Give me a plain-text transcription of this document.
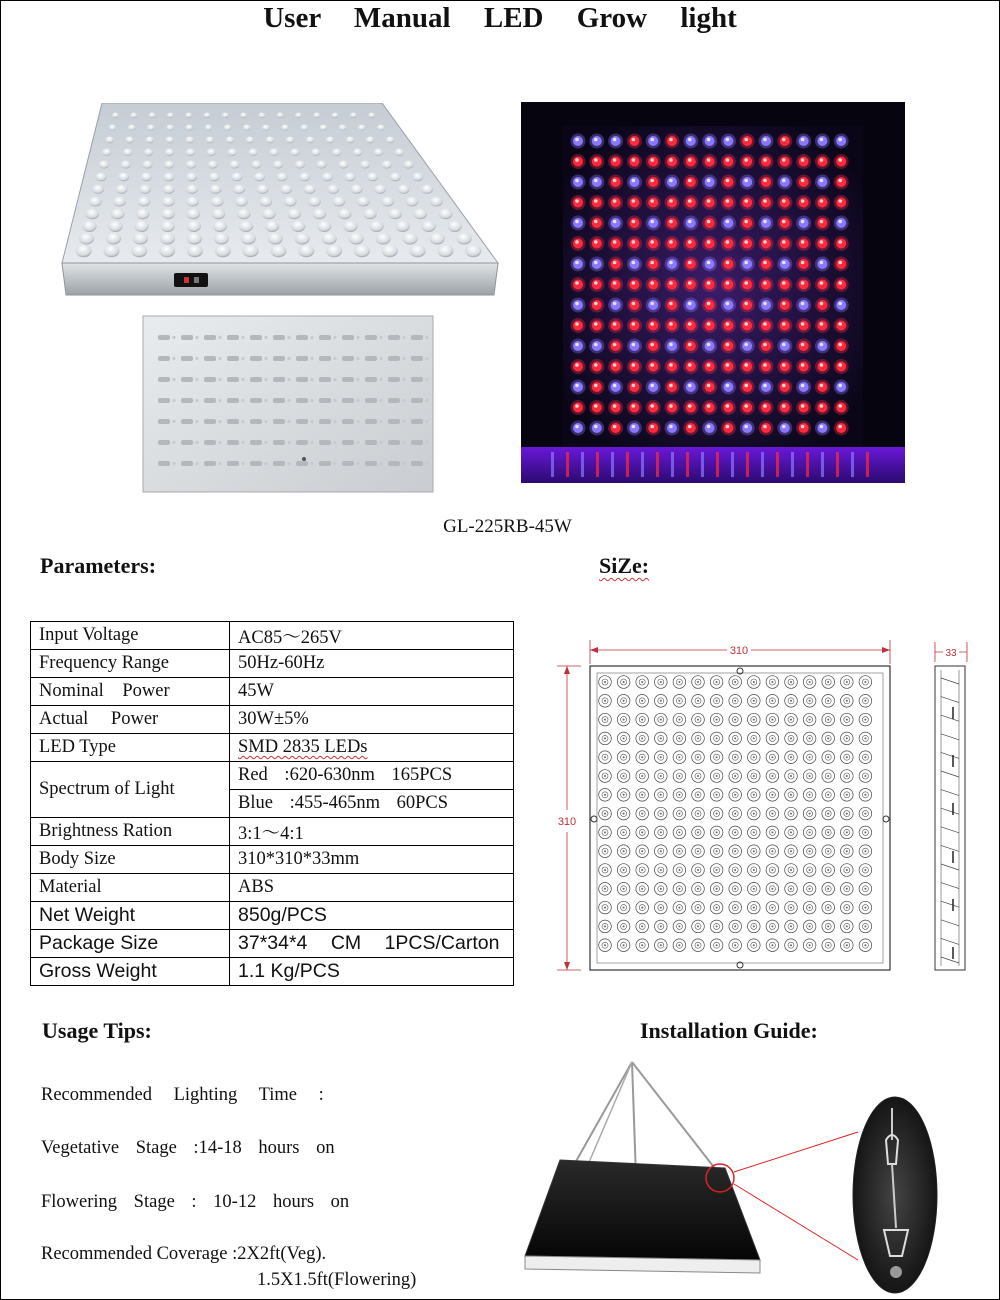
User Manual LED Grow light
GL-225RB-45W
Parameters:	SiZe:
Input Voltage	AC85～265V
Frequency Range	50Hz-60Hz
Nominal Power	45W
Actual Power	30W±5%
LED Type	SMD 2835 LEDs
Spectrum of Light	Red :620-630nm 165PCS
	Blue :455-465nm 60PCS
Brightness Ration	3:1～4:1
Body Size	310*310*33mm
Material	ABS
Net Weight	850g/PCS
Package Size	37*34*4 CM 1PCS/Carton
Gross Weight	1.1 Kg/PCS
310
310
33
Usage Tips:	Installation Guide:
Recommended Lighting Time :
Vegetative Stage :14-18 hours on
Flowering Stage : 10-12 hours on
Recommended Coverage :2X2ft(Veg).
1.5X1.5ft(Flowering)
